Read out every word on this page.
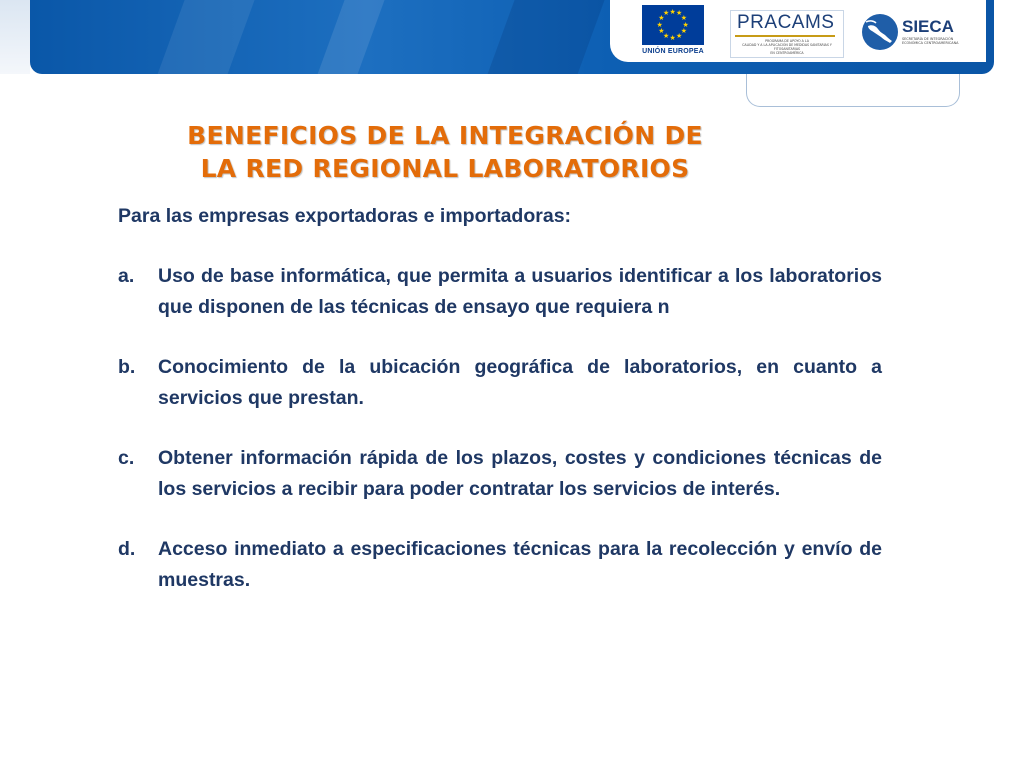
★ ★
★
★
★
★
★
★
★
★
★
★
UNIÓN EUROPEA
PRACAMS
PROGRAMA DE APOYO A LA
CALIDAD Y A LA APLICACIÓN DE MEDIDAS SANITARIAS Y FITOSANITARIAS
EN CENTROAMÉRICA
SIECA
SECRETARÍA DE INTEGRACIÓN
ECONÓMICA CENTROAMERICANA
BENEFICIOS DE LA INTEGRACIÓN DE
LA RED REGIONAL LABORATORIOS

Para las empresas exportadoras e importadoras:

a. Uso de base informática, que permita a usuarios identificar a los laboratorios que disponen de las técnicas de ensayo que requiera n
b. Conocimiento de la ubicación geográfica de laboratorios, en cuanto a servicios que prestan.
c. Obtener información rápida de los plazos, costes y condiciones técnicas de los servicios a recibir para poder contratar los servicios de interés.
d. Acceso inmediato a especificaciones técnicas para la recolección y envío de muestras.
